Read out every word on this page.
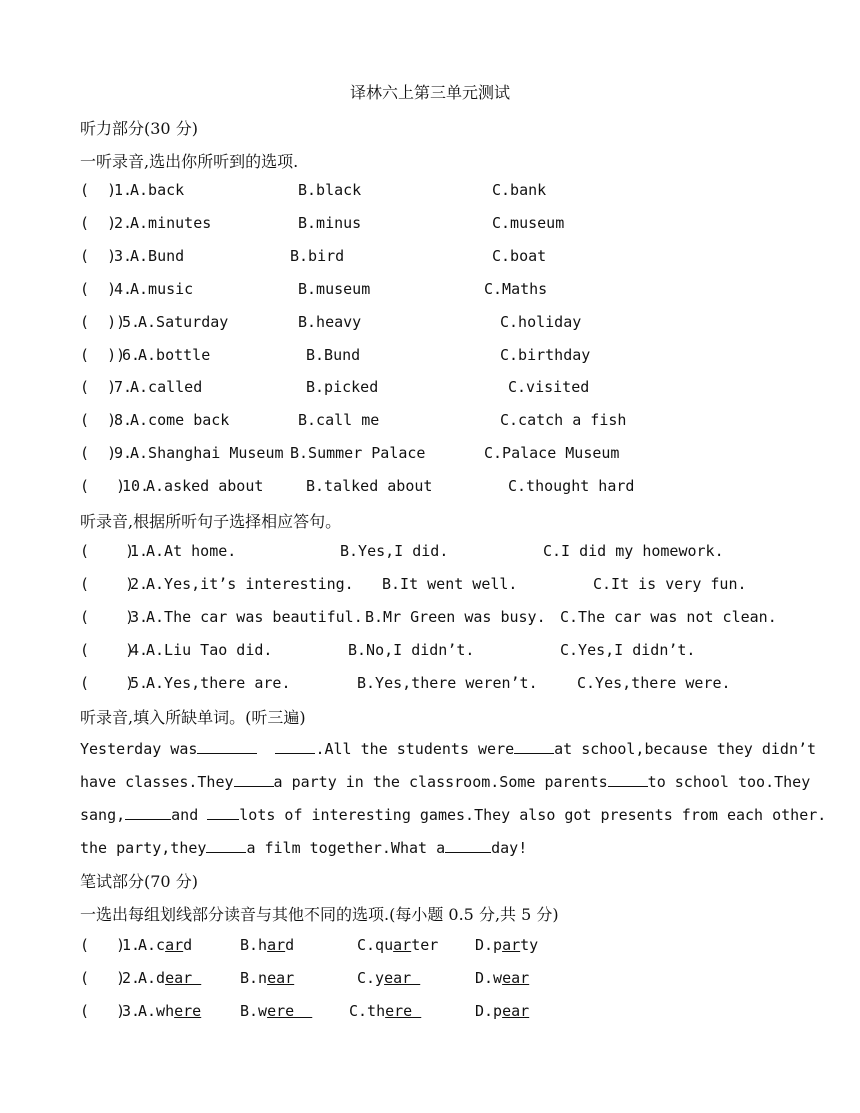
译林六上第三单元测试
听力部分(30 分)
一听录音,选出你所听到的选项.
(  )
1.
A.back	B.black	C.bank
(  )
2.
A.minutes	B.minus	C.museum
(  )
3.
A.Bund	B.bird	C.boat
(  )
4.
A.music	B.museum	C.Maths
(  ))
5.
A.Saturday	B.heavy	C.holiday
(  ))
6.
A.bottle	B.Bund	C.birthday
(  )
7.
A.called	B.picked	C.visited
(  )
8.
A.come back	B.call me	C.catch a fish
(  )
9.
A.Shanghai Museum B.Summer Palace	C.Palace Museum
(   )
10.
A.asked about	B.talked about	C.thought hard
听录音,根据所听句子选择相应答句。
(    )
1.
A.At home.	B.Yes,I did.	C.I did my homework.
(    )
2.
A.Yes,it’s interesting. B.It went well.	C.It is very fun.
(    )
3.
A.The car was beautiful. B.Mr Green was busy. C.The car was not clean.
(    )
4.
A.Liu Tao did.	B.No,I didn’t.	C.Yes,I didn’t.
(    )
5.
A.Yes,there are.	B.Yes,there weren’t.	C.Yes,there were.
听录音,填入所缺单词。(听三遍)
Yesterday was	.All the students were	at school,because they didn’t
have classes.They	a party in the classroom.Some parents	to school too.They
sang,	and lots of interesting games.They also got presents from each other.
the party,they	a film together.What a	day!
笔试部分(70 分)
一选出每组划线部分读音与其他不同的选项.(每小题 0.5 分,共 5 分)
(   )
1.
A.card	B.hard	C.quarter D.party
(   )
2.
A.dear	B.near	C.year	D.wear
(   )
3.
A.where	B.were C.there	D.pear
